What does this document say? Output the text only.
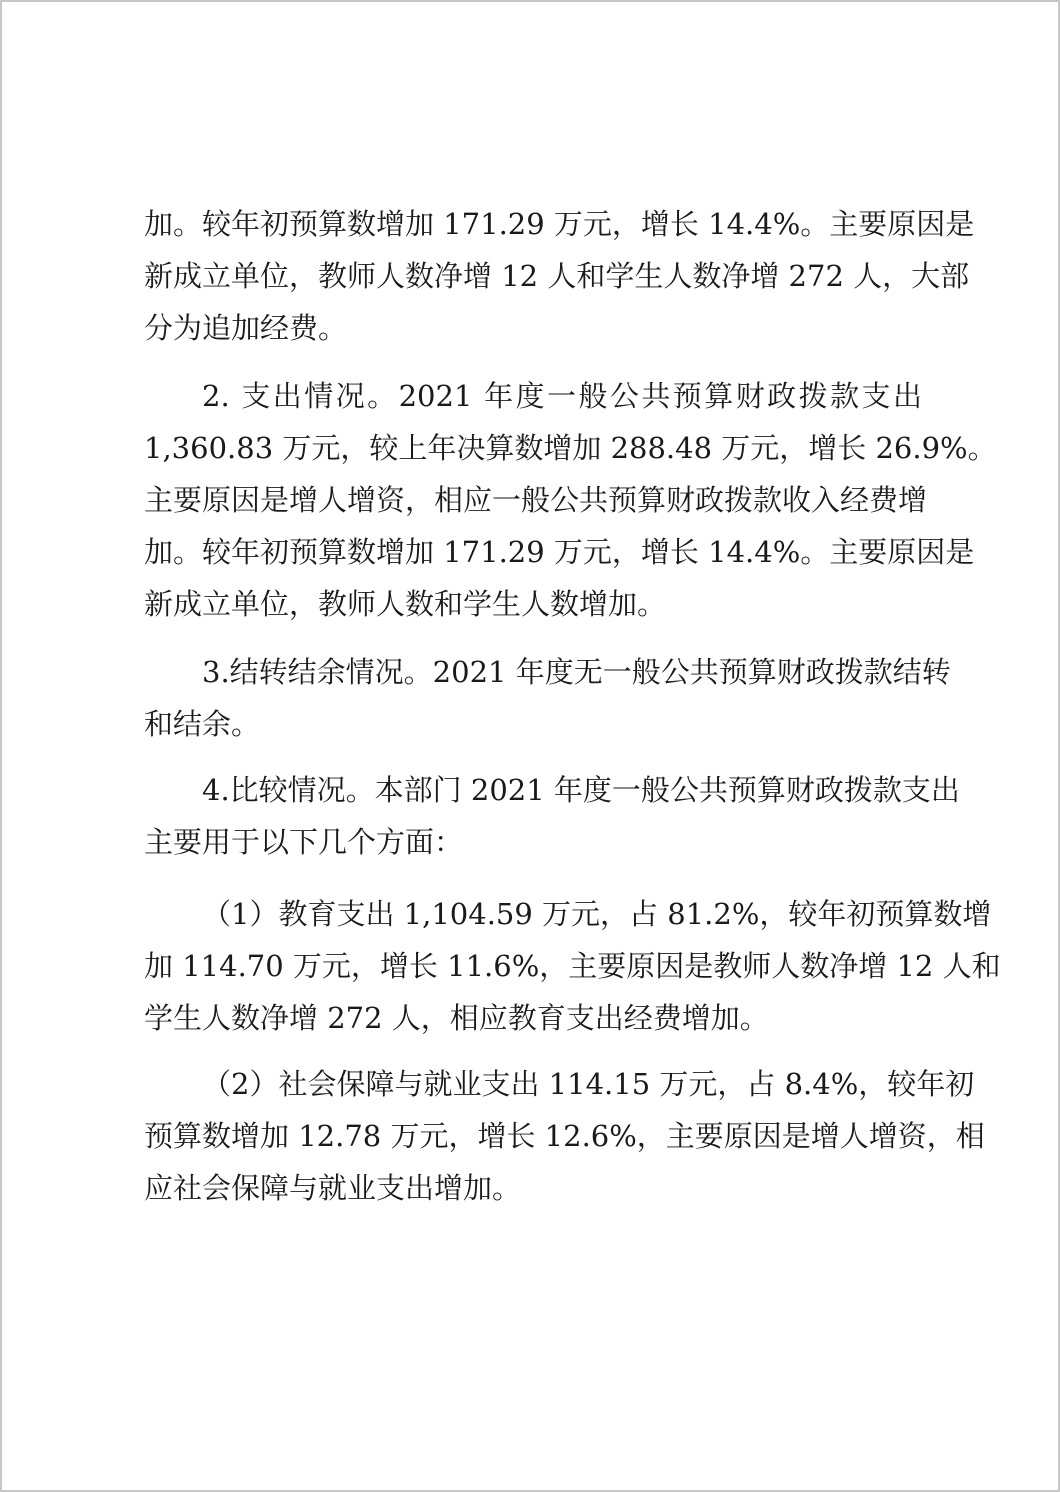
加。较年初预算数增加 171.29 万元，增长 14.4%。主要原因是
新成立单位，教师人数净增 12 人和学生人数净增 272 人，大部
分为追加经费。
2. 支出情况。2021 年度一般公共预算财政拨款支出
1,360.83 万元，较上年决算数增加 288.48 万元，增长 26.9%。
主要原因是增人增资，相应一般公共预算财政拨款收入经费增
加。较年初预算数增加 171.29 万元，增长 14.4%。主要原因是
新成立单位，教师人数和学生人数增加。
3.结转结余情况。2021 年度无一般公共预算财政拨款结转
和结余。
4.比较情况。本部门 2021 年度一般公共预算财政拨款支出
主要用于以下几个方面：
（1）教育支出 1,104.59 万元，占 81.2%，较年初预算数增
加 114.70 万元，增长 11.6%，主要原因是教师人数净增 12 人和
学生人数净增 272 人，相应教育支出经费增加。
（2）社会保障与就业支出 114.15 万元，占 8.4%，较年初
预算数增加 12.78 万元，增长 12.6%，主要原因是增人增资，相
应社会保障与就业支出增加。
